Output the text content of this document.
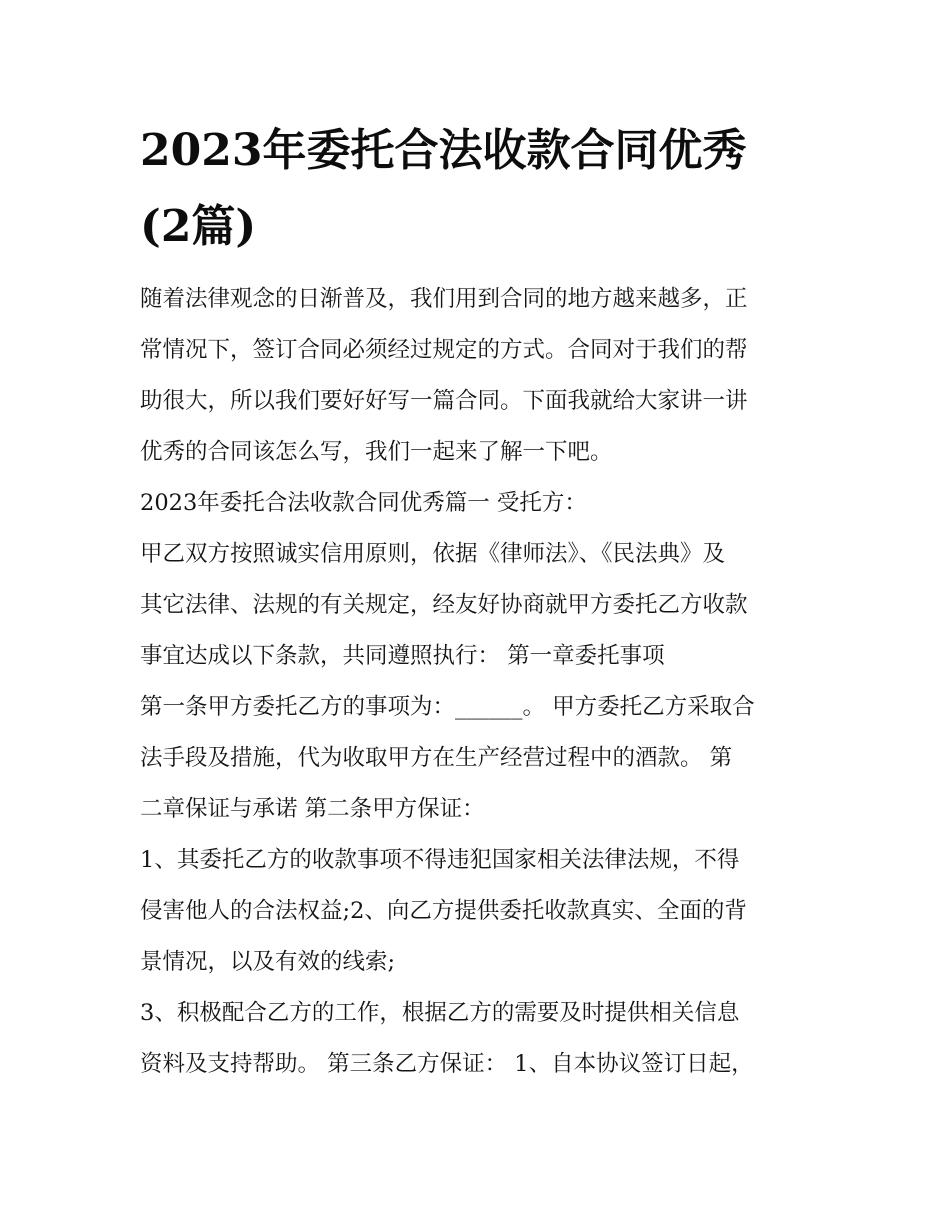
2023年委托合法收款合同优秀
(2篇)
随着法律观念的日渐普及，我们用到合同的地方越来越多，正
常情况下，签订合同必须经过规定的方式。合同对于我们的帮
助很大，所以我们要好好写一篇合同。下面我就给大家讲一讲
优秀的合同该怎么写，我们一起来了解一下吧。
2023年委托合法收款合同优秀篇一 受托方：
甲乙双方按照诚实信用原则，依据《律师法》、《民法典》及
其它法律、法规的有关规定，经友好协商就甲方委托乙方收款
事宜达成以下条款，共同遵照执行： 第一章委托事项
第一条甲方委托乙方的事项为：______。 甲方委托乙方采取合
法手段及措施，代为收取甲方在生产经营过程中的酒款。 第
二章保证与承诺 第二条甲方保证：
1、其委托乙方的收款事项不得违犯国家相关法律法规，不得
侵害他人的合法权益;2、向乙方提供委托收款真实、全面的背
景情况，以及有效的线索;
3、积极配合乙方的工作，根据乙方的需要及时提供相关信息
资料及支持帮助。 第三条乙方保证： 1、自本协议签订日起，
